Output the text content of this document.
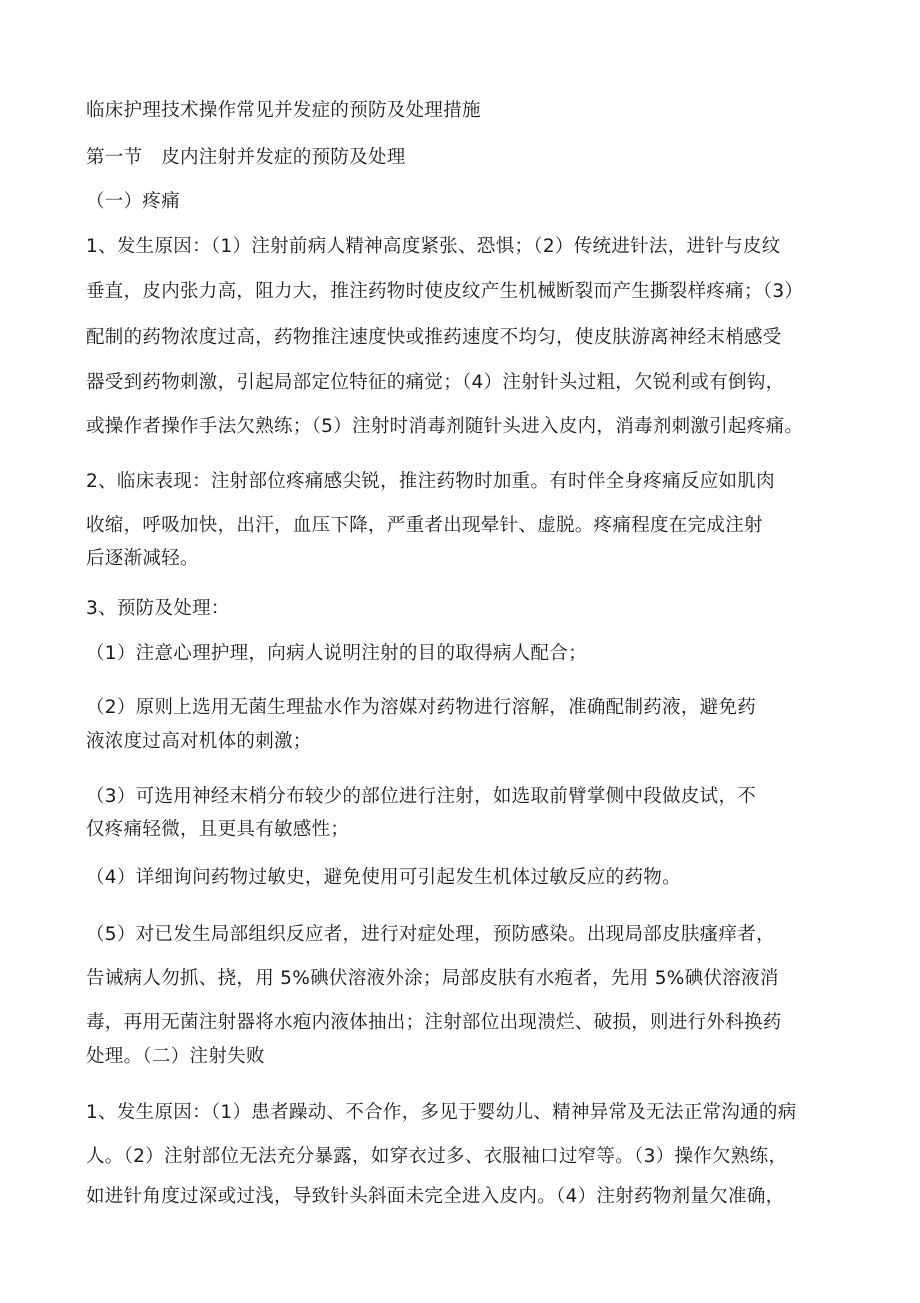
临床护理技术操作常见并发症的预防及处理措施
第一节　皮内注射并发症的预防及处理
（一）疼痛
1、发生原因：（1）注射前病人精神高度紧张、恐惧；（2）传统进针法，进针与皮纹
垂直，皮内张力高，阻力大，推注药物时使皮纹产生机械断裂而产生撕裂样疼痛；（3）
配制的药物浓度过高，药物推注速度快或推药速度不均匀，使皮肤游离神经末梢感受
器受到药物刺激，引起局部定位特征的痛觉；（4）注射针头过粗，欠锐利或有倒钩，
或操作者操作手法欠熟练；（5）注射时消毒剂随针头进入皮内，消毒剂刺激引起疼痛。
2、临床表现：注射部位疼痛感尖锐，推注药物时加重。有时伴全身疼痛反应如肌肉
收缩，呼吸加快，出汗，血压下降，严重者出现晕针、虚脱。疼痛程度在完成注射
后逐渐减轻。
3、预防及处理：
（1）注意心理护理，向病人说明注射的目的取得病人配合；
（2）原则上选用无菌生理盐水作为溶媒对药物进行溶解，准确配制药液，避免药
液浓度过高对机体的刺激；
（3）可选用神经末梢分布较少的部位进行注射，如选取前臂掌侧中段做皮试，不
仅疼痛轻微，且更具有敏感性；
（4）详细询问药物过敏史，避免使用可引起发生机体过敏反应的药物。
（5）对已发生局部组织反应者，进行对症处理，预防感染。出现局部皮肤瘙痒者，
告诫病人勿抓、挠，用 5%碘伏溶液外涂；局部皮肤有水疱者，先用 5%碘伏溶液消
毒，再用无菌注射器将水疱内液体抽出；注射部位出现溃烂、破损，则进行外科换药
处理。（二）注射失败
1、发生原因：（1）患者躁动、不合作，多见于婴幼儿、精神异常及无法正常沟通的病
人。（2）注射部位无法充分暴露，如穿衣过多、衣服袖口过窄等。（3）操作欠熟练，
如进针角度过深或过浅，导致针头斜面未完全进入皮内。（4）注射药物剂量欠准确，
